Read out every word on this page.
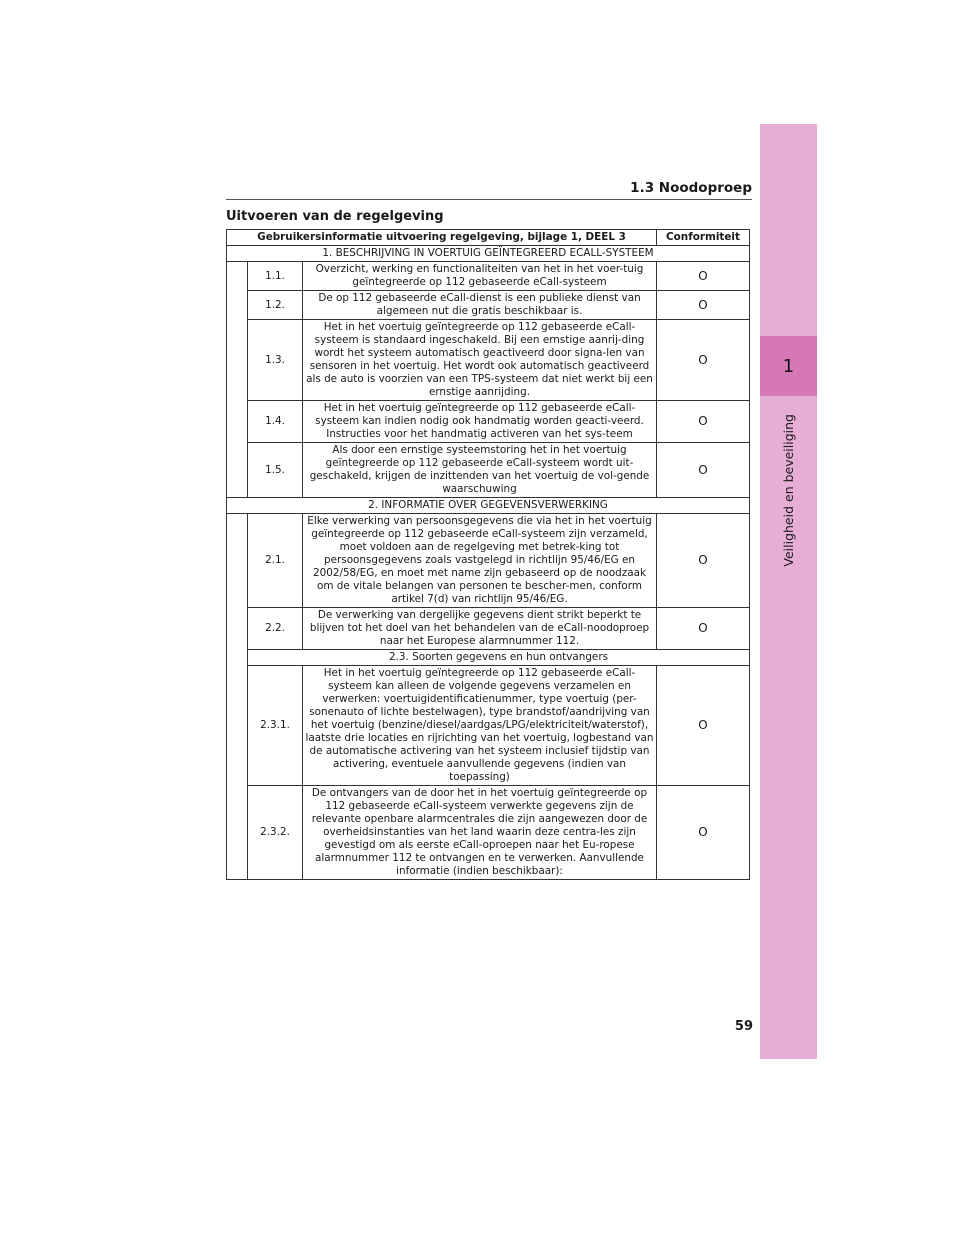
1
Veiligheid en beveiliging
1.3 Noodoproep
Uitvoeren van de regelgeving
Gebruikersinformatie uitvoering regelgeving, bijlage 1, DEEL 3			Conformiteit
1. BESCHRIJVING IN VOERTUIG GEÏNTEGREERD ECALL-SYSTEEM			
	1.1.	Overzicht, werking en functionaliteiten van het in het voer-tuig geïntegreerde op 112 gebaseerde eCall-systeem	O
	1.2.	De op 112 gebaseerde eCall-dienst is een publieke dienst van algemeen nut die gratis beschikbaar is.	O
	1.3.	Het in het voertuig geïntegreerde op 112 gebaseerde eCall-systeem is standaard ingeschakeld. Bij een ernstige aanrij-ding wordt het systeem automatisch geactiveerd door signa-len van sensoren in het voertuig. Het wordt ook automatisch geactiveerd als de auto is voorzien van een TPS-systeem dat niet werkt bij een ernstige aanrijding.	O
	1.4.	Het in het voertuig geïntegreerde op 112 gebaseerde eCall-systeem kan indien nodig ook handmatig worden geacti-veerd. Instructies voor het handmatig activeren van het sys-teem	O
	1.5.	Als door een ernstige systeemstoring het in het voertuig geïntegreerde op 112 gebaseerde eCall-systeem wordt uit-geschakeld, krijgen de inzittenden van het voertuig de vol-gende waarschuwing	O
2. INFORMATIE OVER GEGEVENSVERWERKING			
	2.1.	Elke verwerking van persoonsgegevens die via het in het voertuig geïntegreerde op 112 gebaseerde eCall-systeem zijn verzameld, moet voldoen aan de regelgeving met betrek-king tot persoonsgegevens zoals vastgelegd in richtlijn 95/46/EG en 2002/58/EG, en moet met name zijn gebaseerd op de noodzaak om de vitale belangen van personen te bescher-men, conform artikel 7(d) van richtlijn 95/46/EG.	O
	2.2.	De verwerking van dergelijke gegevens dient strikt beperkt te blijven tot het doel van het behandelen van de eCall-noodoproep naar het Europese alarmnummer 112.	O
	2.3. Soorten gegevens en hun ontvangers		
	2.3.1.	Het in het voertuig geïntegreerde op 112 gebaseerde eCall-systeem kan alleen de volgende gegevens verzamelen en verwerken: voertuigidentificatienummer, type voertuig (per-sonenauto of lichte bestelwagen), type brandstof/aandrijving van het voertuig (benzine/diesel/aardgas/LPG/elektriciteit/waterstof), laatste drie locaties en rijrichting van het voertuig, logbestand van de automatische activering van het systeem inclusief tijdstip van activering, eventuele aanvullende gegevens (indien van toepassing)	O
	2.3.2.	De ontvangers van de door het in het voertuig geïntegreerde op 112 gebaseerde eCall-systeem verwerkte gegevens zijn de relevante openbare alarmcentrales die zijn aangewezen door de overheidsinstanties van het land waarin deze centra-les zijn gevestigd om als eerste eCall-oproepen naar het Eu-ropese alarmnummer 112 te ontvangen en te verwerken. Aanvullende informatie (indien beschikbaar):	O
59
